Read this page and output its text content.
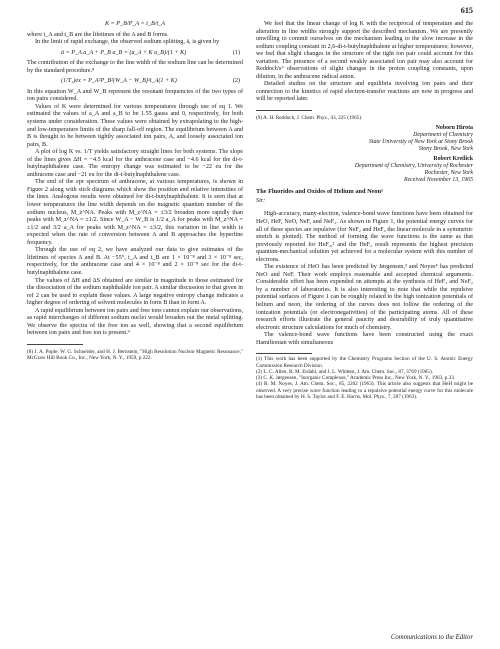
615
K = P_B/P_A = t_B/t_A

where t_A and t_B are the lifetimes of the A and B forms.

In the limit of rapid exchange, the observed sodium splitting, ā, is given by

ā = P_A a_A + P_B a_B = (a_A + K a_B)/(1 + K)	(1)

The contribution of the exchange to the line width of the sodium line can be determined by the standard procedure.⁸

(1/T₂)ex = P_A²P_B²(W_A − W_B)²t_A(1 + K)	(2)

In this equation W_A and W_B represent the resonant frequencies of the two types of ion pairs considered.

Values of K were determined for various temperatures through use of eq 1. We estimated the values of a_A and a_B to be 1.55 gauss and 0, respectively, for both systems under consideration. These values were obtained by extrapolating to the high- and low-temperature limits of the sharp fall-off region. The equilibrium between A and B is thought to be between tightly associated ion pairs, A, and loosely associated ion pairs, B.

A plot of log K vs. 1/T yields satisfactory straight lines for both systems. The slope of the lines gives ΔH = −4.5 kcal for the anthracene case and −4.6 kcal for the di-t-butylnaphthalene case. The entropy change was estimated to be −22 eu for the anthracene case and −21 eu for the di-t-butylnaphthalene case.

The end of the epr spectrum of anthracene, at various temperatures, is shown in Figure 2 along with stick diagrams which show the position and relative intensities of the lines. Analogous results were obtained for di-t-butylnaphthalene. It is seen that at lower temperatures the line width depends on the magnetic quantum number of the sodium nucleus, M_z^NA. Peaks with M_z^NA = ±3/2 broaden more rapidly than peaks with M_z^NA = ±1/2. Since W_A − W_B is 1/2 a_A for peaks with M_z^NA = ±1/2 and 3/2 a_A for peaks with M_z^NA = ±3/2, this variation in line width is expected when the rate of conversion between A and B approaches the hyperfine frequency.

Through the use of eq 2, we have analyzed our data to give estimates of the lifetimes of species A and B. At −55°, t_A and t_B are 1 × 10⁻⁸ and 3 × 10⁻⁸ sec, respectively, for the anthracene case and 4 × 10⁻⁸ and 2 × 10⁻⁸ sec for the di-t-butylnaphthalene case.

The values of ΔH and ΔS obtained are similar in magnitude to those estimated for the dissociation of the sodium naphthalide ion pair. A similar discussion to that given in ref 2 can be used to explain these values. A large negative entropy change indicates a higher degree of ordering of solvent molecules in form B than in form A.

A rapid equilibrium between ion pairs and free ions cannot explain our observations, as rapid interchanges of different sodium nuclei would broaden out the metal splitting. We observe the spectra of the free ion as well, showing that a second equilibrium between ion pairs and free ion is present.⁹

(8) J. A. Pople, W. G. Schneider, and H. J. Bernstein, "High Resolution Nuclear Magnetic Resonance," McGraw Hill Book Co., Inc., New York, N. Y., 1959, p 222.

We feel that the linear change of log K with the reciprocal of temperature and the alteration in line widths strongly support the described mechanism. We are presently unwilling to commit ourselves on the mechanism leading to the slow increase in the sodium coupling constant in 2,6-di-t-butylnaphthalene at higher temperatures; however, we feel that slight changes in the structure of the tight ion pair could account for this variation. The presence of a second weakly associated ion pair may also account for Reddoch's⁹ observations of slight changes in the proton coupling constants, upon dilution, in the anthracene radical anion.

Detailed studies on the structure and equilibria involving ion pairs and their connection to the kinetics of rapid electron-transfer reactions are now in progress and will be reported later.

(9) A. H. Reddoch, J. Chem. Phys., 43, 225 (1965).

Noboru Hirota
Department of Chemistry
State University of New York at Stony Brook
Stony Brook, New York
Robert Kreilick
Department of Chemistry, University of Rochester
Rochester, New York
Received November 13, 1965
The Fluorides and Oxides of Helium and Neon¹
Sir:

High-accuracy, many-electron, valence-bond wave functions have been obtained for HeO, HeF, NeO, NeF, and NeF₂. As shown in Figure 1, the potential energy curves for all of these species are repulsive (for NeF₂ and HeF₂ the linear molecule in a symmetric stretch is plotted). The method of forming the wave functions is the same as that previously reported for HeF₂,² and the HeF₂ result represents the highest precision quantum-mechanical solution yet achieved for a molecular system with this number of electrons.

The existence of HeO has been predicted by Jørgensen,³ and Noyes⁴ has predicted NeO and NeF. Their work employs reasonable and accepted chemical arguments. Considerable effort has been expended on attempts at the synthesis of HeF₂ and NeF₂ by a number of laboratories. It is also interesting to note that while the repulsive potential surfaces of Figure 1 can be roughly related to the high ionization potentials of helium and neon, the ordering of the curves does not follow the ordering of the ionization potentials (or electronegativities) of the participating atoms. All of these research efforts illustrate the general paucity and desirability of truly quantitative electronic structure calculations for much of chemistry.

The valence-bond wave functions have been constructed using the exact Hamiltonian with simultaneous

(1) This work has been supported by the Chemistry Programs Section of the U. S. Atomic Energy Commission Research Division.

(2) L. C. Allen, R. M. Erdahl, and J. L. Whitten, J. Am. Chem. Soc., 87, 3769 (1965).

(3) C. K. Jørgensen, "Inorganic Complexes," Academic Press Inc., New York, N. Y., 1963, p 33.

(4) R. M. Noyes, J. Am. Chem. Soc., 85, 2202 (1963). This article also suggests that HeH might be observed. A very precise wave function leading to a repulsive potential energy curve for this molecule has been obtained by H. S. Taylor and F. E. Harris, Mol. Phys., 7, 287 (1963).

Communications to the Editor
